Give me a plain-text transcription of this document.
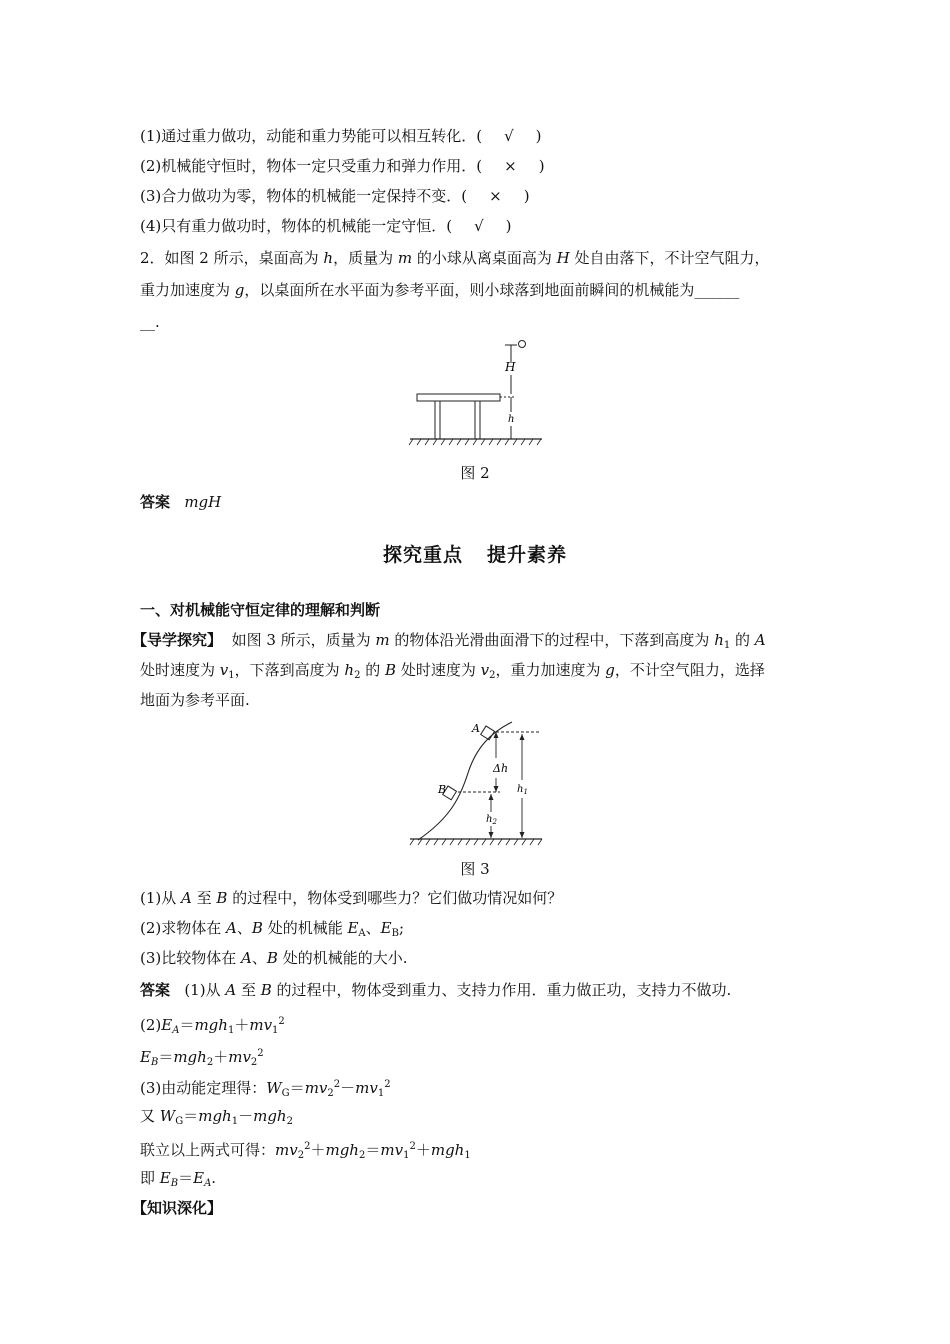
(1)通过重力做功，动能和重力势能可以相互转化．( √ )
(2)机械能守恒时，物体一定只受重力和弹力作用．( × )
(3)合力做功为零，物体的机械能一定保持不变．( × )
(4)只有重力做功时，物体的机械能一定守恒．( √ )
2．如图 2 所示，桌面高为 h，质量为 m 的小球从离桌面高为 H 处自由落下，不计空气阻力，
重力加速度为 g，以桌面所在水平面为参考平面，则小球落到地面前瞬间的机械能为______
__.
H
h
图 2
答案 mgH
探究重点 提升素养
一、对机械能守恒定律的理解和判断
【导学探究】 如图 3 所示，质量为 m 的物体沿光滑曲面滑下的过程中，下落到高度为 $h_1$ 的 A
处时速度为 $v_1$，下落到高度为 $h_2$ 的 B 处时速度为 $v_2$，重力加速度为 g，不计空气阻力，选择
地面为参考平面.
A
B
Δh
$h_2$
$h_1$
图 3
(1)从 A 至 B 的过程中，物体受到哪些力？它们做功情况如何？
(2)求物体在 A、B 处的机械能 $E_A$、$E_B$;
(3)比较物体在 A、B 处的机械能的大小.
答案 (1)从 A 至 B 的过程中，物体受到重力、支持力作用．重力做正功，支持力不做功.
$(2)E_A=mgh_1+mv_1^2$
$E_B=mgh_2+mv_2^2$
(3)由动能定理得：$W_G=mv_2^2-mv_1^2$
又 $W_G=mgh_1-mgh_2$
联立以上两式可得：$mv_2^2+mgh_2=mv_1^2+mgh_1$
即 $E_B=E_A$.
【知识深化】
